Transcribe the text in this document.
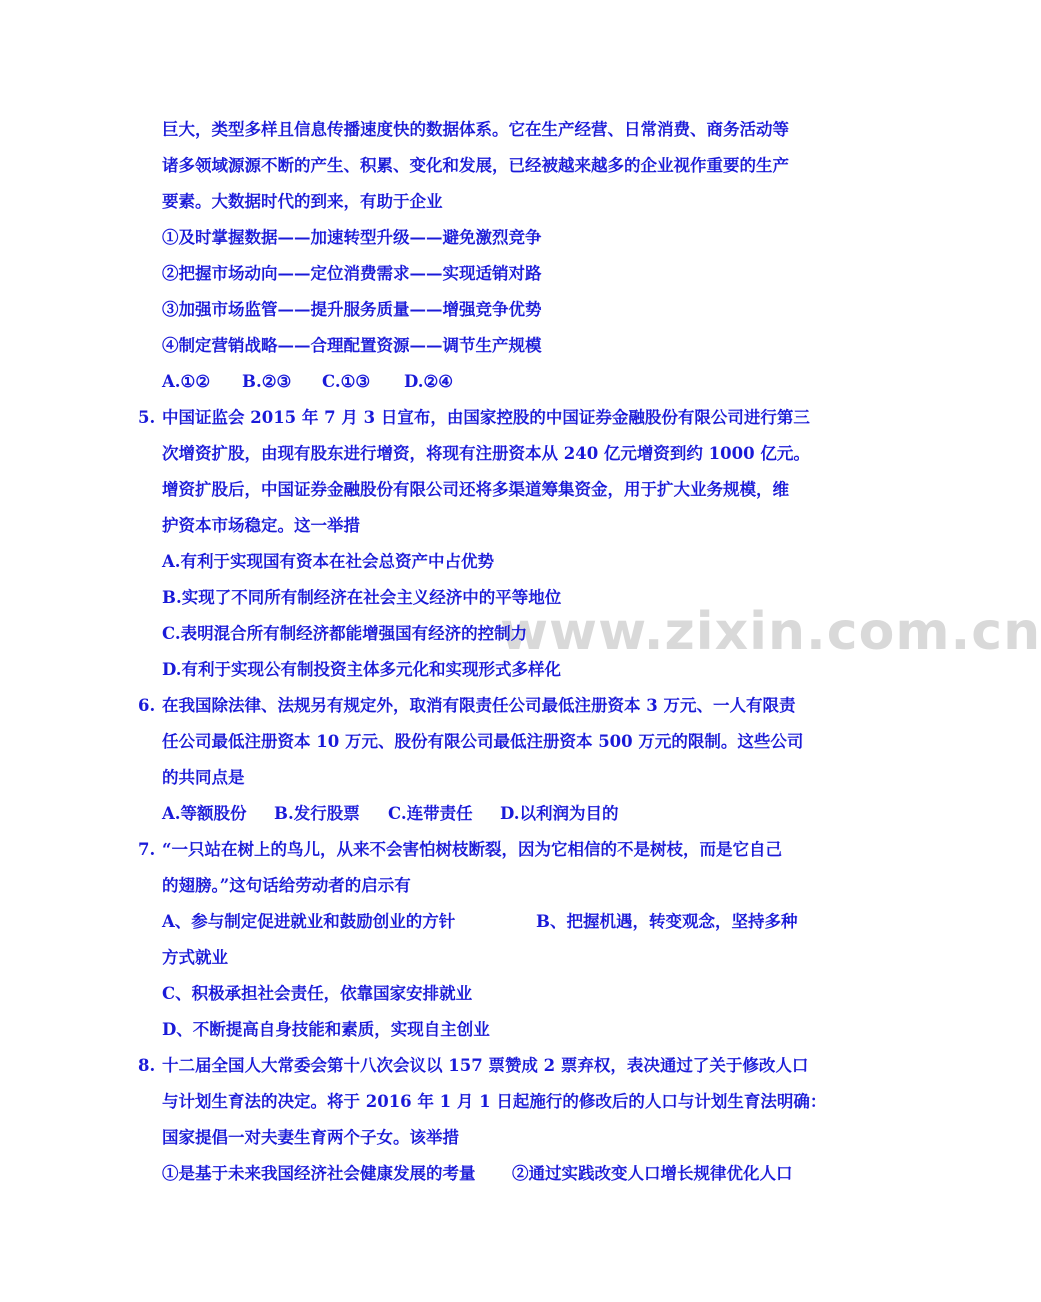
www.zixin.com.cn
巨大，类型多样且信息传播速度快的数据体系。它在生产经营、日常消费、商务活动等
诸多领域源源不断的产生、积累、变化和发展，已经被越来越多的企业视作重要的生产
要素。大数据时代的到来，有助于企业
①及时掌握数据——加速转型升级——避免激烈竞争
②把握市场动向——定位消费需求——实现适销对路
③加强市场监管——提升服务质量——增强竞争优势
④制定营销战略——合理配置资源——调节生产规模
A.①② B.②③ C.①③ D.②④
5. 中国证监会 2015 年 7 月 3 日宣布，由国家控股的中国证券金融股份有限公司进行第三
次增资扩股，由现有股东进行增资，将现有注册资本从 240 亿元增资到约 1000 亿元。
增资扩股后，中国证券金融股份有限公司还将多渠道筹集资金，用于扩大业务规模，维
护资本市场稳定。这一举措
A.有利于实现国有资本在社会总资产中占优势
B.实现了不同所有制经济在社会主义经济中的平等地位
C.表明混合所有制经济都能增强国有经济的控制力
D.有利于实现公有制投资主体多元化和实现形式多样化
6. 在我国除法律、法规另有规定外，取消有限责任公司最低注册资本 3 万元、一人有限责
任公司最低注册资本 10 万元、股份有限公司最低注册资本 500 万元的限制。这些公司
的共同点是
A.等额股份 B.发行股票 C.连带责任 D.以利润为目的
7. “一只站在树上的鸟儿，从来不会害怕树枝断裂，因为它相信的不是树枝，而是它自己
的翅膀。”这句话给劳动者的启示有
A、参与制定促进就业和鼓励创业的方针	B、把握机遇，转变观念，坚持多种
方式就业
C、积极承担社会责任，依靠国家安排就业
D、不断提高自身技能和素质，实现自主创业
8. 十二届全国人大常委会第十八次会议以 157 票赞成 2 票弃权，表决通过了关于修改人口
与计划生育法的决定。将于 2016 年 1 月 1 日起施行的修改后的人口与计划生育法明确：
国家提倡一对夫妻生育两个子女。该举措
①是基于未来我国经济社会健康发展的考量 ②通过实践改变人口增长规律优化人口
